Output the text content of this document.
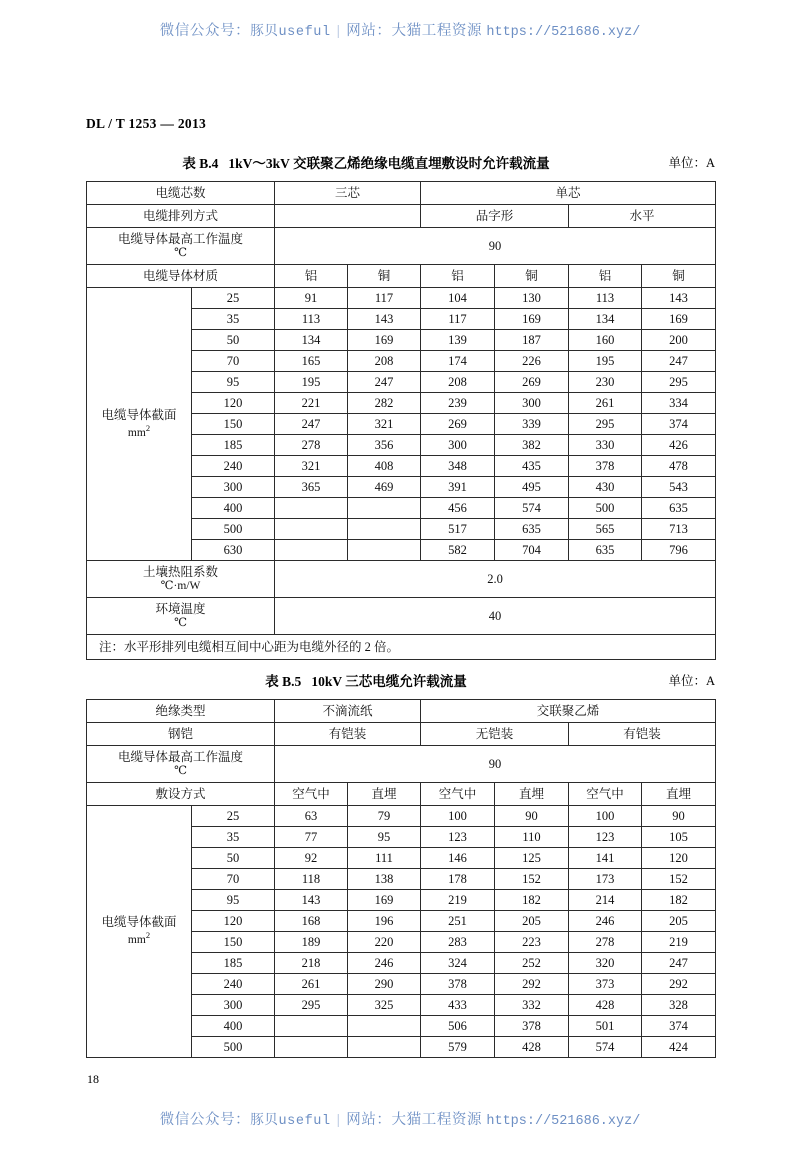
微信公众号：豚贝useful | 网站：大猫工程资源 https://521686.xyz/
DL / T 1253 — 2013
表 B.4 1kV～3kV 交联聚乙烯绝缘电缆直埋敷设时允许载流量	单位：A
电缆芯数		三芯		单芯			
电缆排列方式				品字形		水平	
电缆导体最高工作温度
℃		90					
电缆导体材质		铝	铜	铝	铜	铝	铜
电缆导体截面
$mm^2$	25	91	117	104	130	113	143
	35	113	143	117	169	134	169
	50	134	169	139	187	160	200
	70	165	208	174	226	195	247
	95	195	247	208	269	230	295
	120	221	282	239	300	261	334
	150	247	321	269	339	295	374
	185	278	356	300	382	330	426
	240	321	408	348	435	378	478
	300	365	469	391	495	430	543
	400			456	574	500	635
	500			517	635	565	713
	630			582	704	635	796
土壤热阻系数
℃·m/W		2.0					
环境温度
℃		40					
注：水平形排列电缆相互间中心距为电缆外径的 2 倍。							
表 B.5 10kV 三芯电缆允许载流量	单位：A
绝缘类型		不滴流纸		交联聚乙烯			
钢铠		有铠装		无铠装		有铠装	
电缆导体最高工作温度
℃		90					
敷设方式		空气中	直埋	空气中	直埋	空气中	直埋
电缆导体截面
$mm^2$	25	63	79	100	90	100	90
	35	77	95	123	110	123	105
	50	92	111	146	125	141	120
	70	118	138	178	152	173	152
	95	143	169	219	182	214	182
	120	168	196	251	205	246	205
	150	189	220	283	223	278	219
	185	218	246	324	252	320	247
	240	261	290	378	292	373	292
	300	295	325	433	332	428	328
	400			506	378	501	374
	500			579	428	574	424
18
微信公众号：豚贝useful | 网站：大猫工程资源 https://521686.xyz/
